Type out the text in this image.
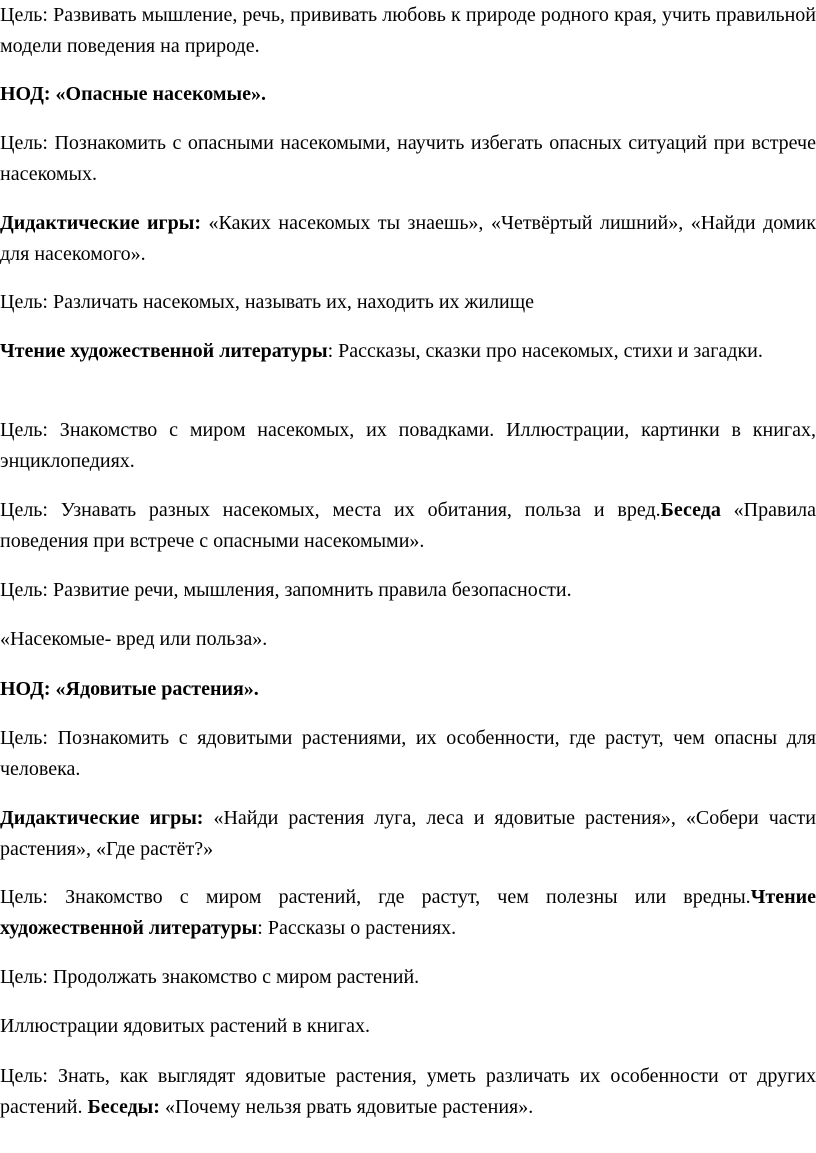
Цель: Развивать мышление, речь, прививать любовь к природе родного края, учить правильной модели поведения на природе.

НОД: «Опасные насекомые».

Цель: Познакомить с опасными насекомыми, научить избегать опасных ситуаций при встрече насекомых.

Дидактические игры: «Каких насекомых ты знаешь», «Четвёртый лишний», «Найди домик для насекомого».

Цель: Различать насекомых, называть их, находить их жилище

Чтение художественной литературы: Рассказы, сказки про насекомых, стихи и загадки.

Цель: Знакомство с миром насекомых, их повадками. Иллюстрации, картинки в книгах, энциклопедиях.

Цель: Узнавать разных насекомых, места их обитания, польза и вред.Беседа «Правила поведения при встрече с опасными насекомыми».

Цель: Развитие речи, мышления, запомнить правила безопасности.

«Насекомые- вред или польза».

НОД: «Ядовитые растения».

Цель: Познакомить с ядовитыми растениями, их особенности, где растут, чем опасны для человека.

Дидактические игры: «Найди растения луга, леса и ядовитые растения», «Собери части растения», «Где растёт?»

Цель: Знакомство с миром растений, где растут, чем полезны или вредны.Чтение художественной литературы: Рассказы о растениях.

Цель: Продолжать знакомство с миром растений.

Иллюстрации ядовитых растений в книгах.

Цель: Знать, как выглядят ядовитые растения, уметь различать их особенности от других растений. Беседы: «Почему нельзя рвать ядовитые растения».
